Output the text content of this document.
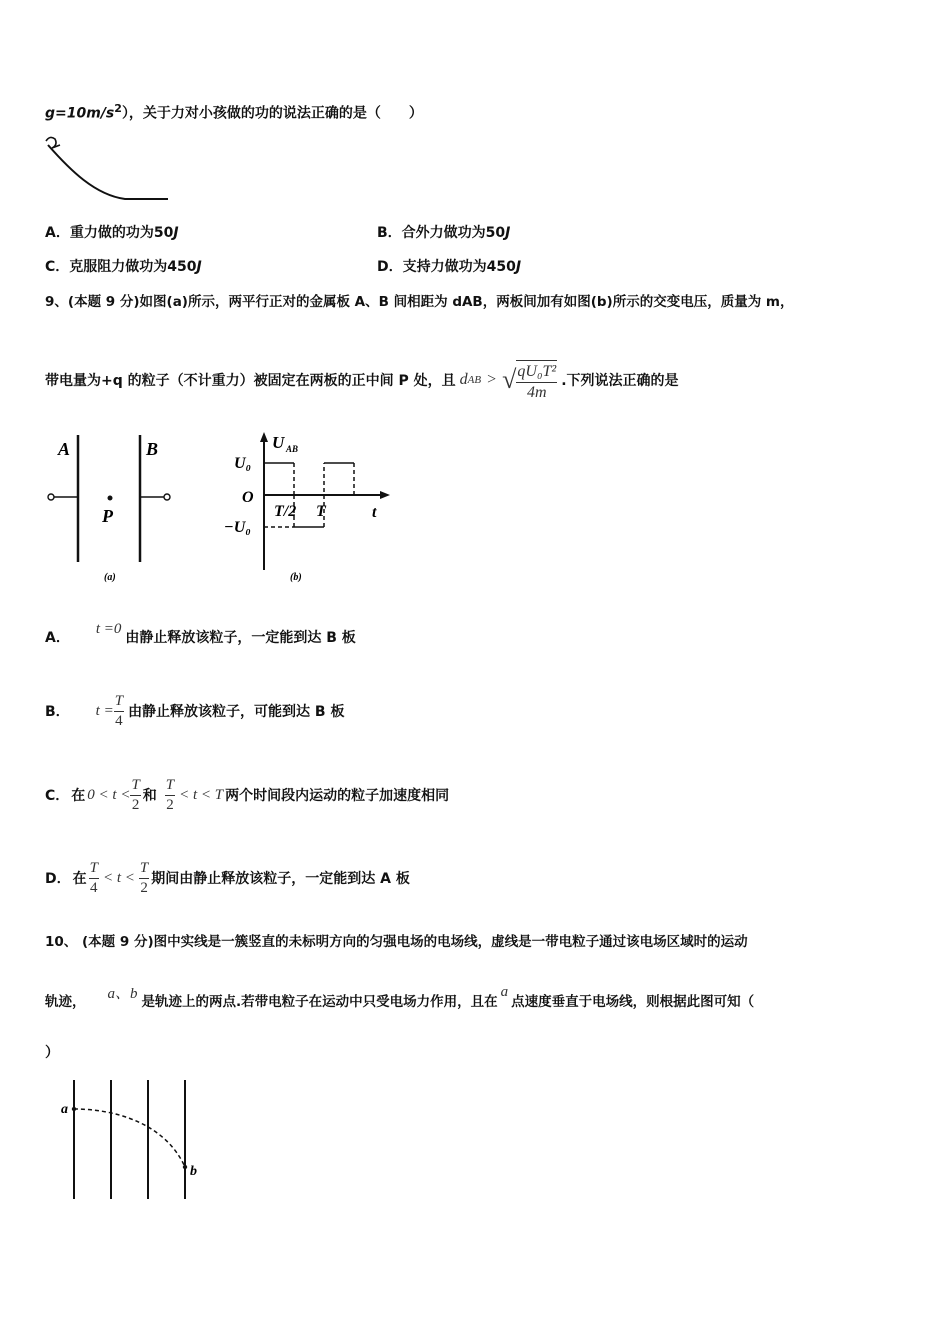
$g=10m/s^2$），关于力对小孩做的功的说法正确的是（　　）
A．重力做的功为50J	B．合外力做功为50J
C．克服阻力做功为450J	D．支持力做功为450J
9、(本题 9 分)如图(a)所示，两平行正对的金属板 A、B 间相距为 dAB，两板间加有如图(b)所示的交变电压，质量为 m，
带电量为+q 的粒子（不计重力）被固定在两板的正中间 P 处，且 d AB > √ $\frac{\text{qU₀T²}}{4m}$ .下列说法正确的是
A	B
P
(a)
U AB
U₀
O
T/2 T	t
−U₀
(b)
A．
t =0
由静止释放该粒子，一定能到达 B 板
B． $t = \frac{T}{4}$ 由静止释放该粒子，可能到达 B 板
C． 在 $0 < t < \frac{T}{2}$ 和 $\frac{T}{2} < t < T$ 两个时间段内运动的粒子加速度相同
D． 在 $\frac{T}{4} < t < \frac{T}{2}$ 期间由静止释放该粒子，一定能到达 A 板
10、 (本题 9 分)图中实线是一簇竖直的未标明方向的匀强电场的电场线，虚线是一带电粒子通过该电场区域时的运动
轨迹，
a、b
是轨迹上的两点.若带电粒子在运动中只受电场力作用，且在
a
点速度垂直于电场线，则根据此图可知（
）
a
b
